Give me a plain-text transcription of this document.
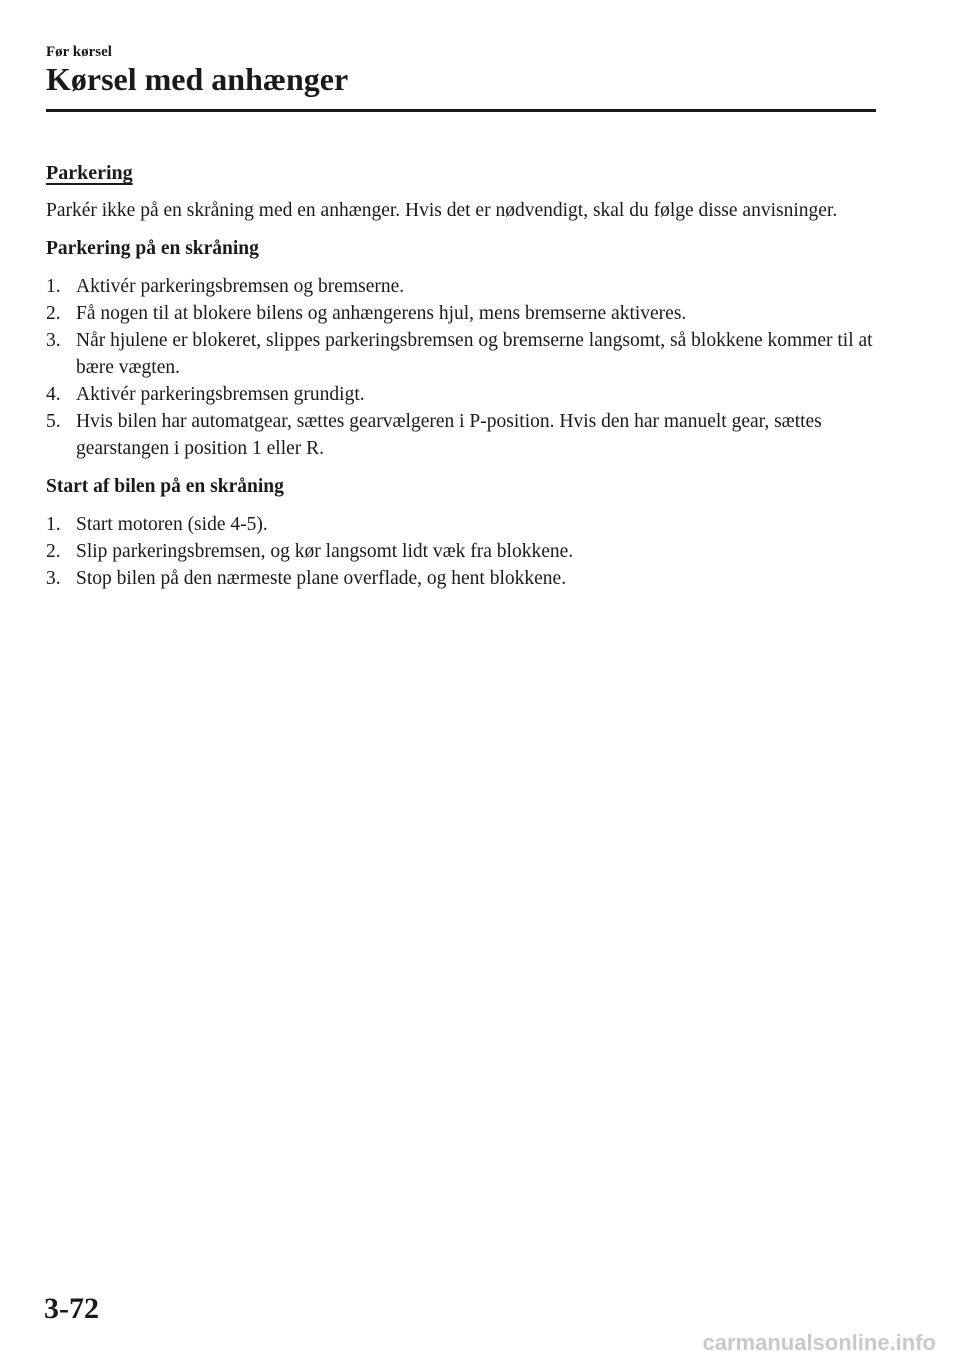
Før kørsel
Kørsel med anhænger
Parkering
Parkér ikke på en skråning med en anhænger. Hvis det er nødvendigt, skal du følge disse anvisninger.
Parkering på en skråning
1. Aktivér parkeringsbremsen og bremserne.
2. Få nogen til at blokere bilens og anhængerens hjul, mens bremserne aktiveres.
3. Når hjulene er blokeret, slippes parkeringsbremsen og bremserne langsomt, så blokkene kommer til at bære vægten.
4. Aktivér parkeringsbremsen grundigt.
5. Hvis bilen har automatgear, sættes gearvælgeren i P-position. Hvis den har manuelt gear, sættes gearstangen i position 1 eller R.
Start af bilen på en skråning
1. Start motoren (side 4-5).
2. Slip parkeringsbremsen, og kør langsomt lidt væk fra blokkene.
3. Stop bilen på den nærmeste plane overflade, og hent blokkene.
3-72
carmanualsonline.info
